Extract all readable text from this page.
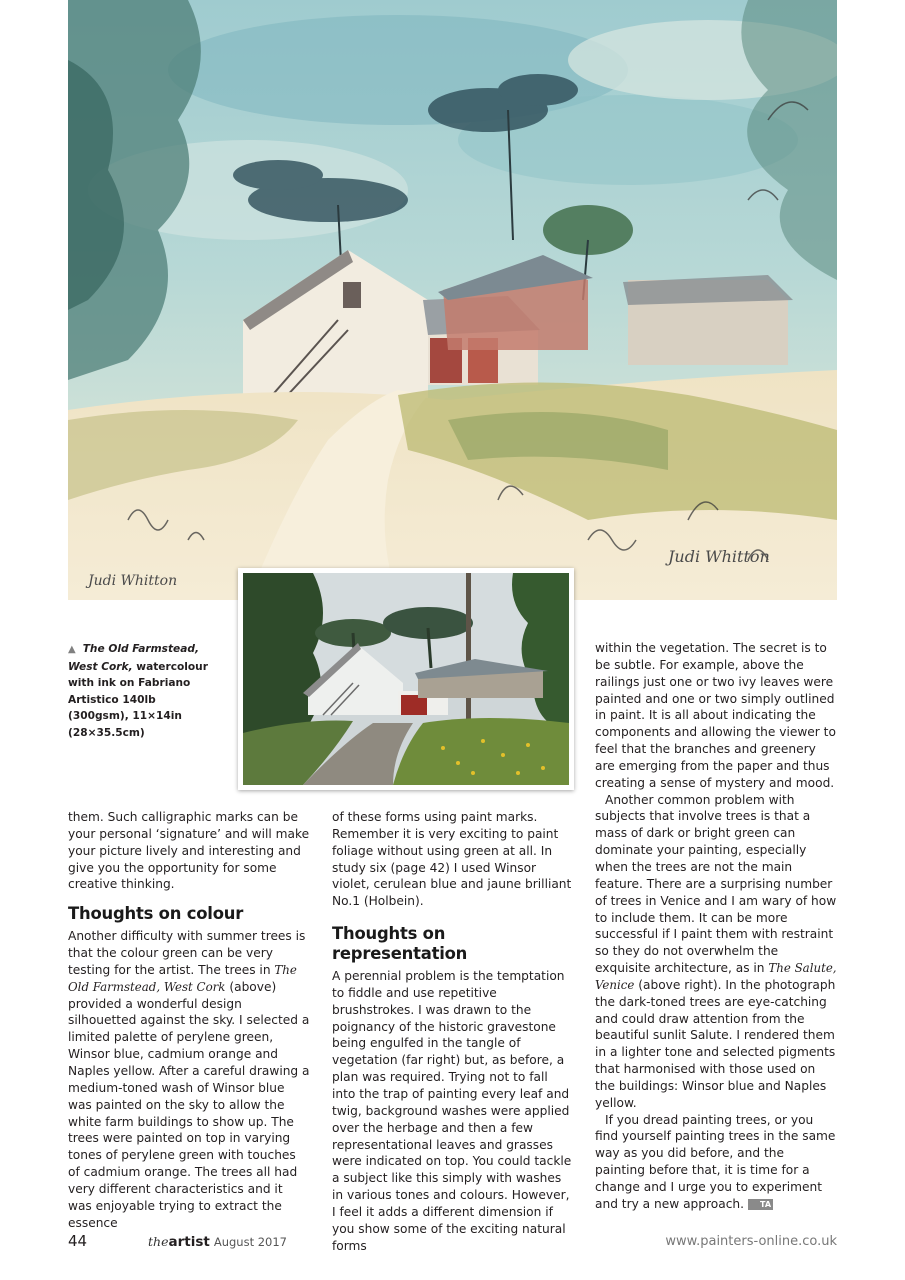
Judi Whitton
Judi Whitton
▲ The Old Farmstead, West Cork, watercolour with ink on Fabriano Artistico 140lb (300gsm), 11×14in (28×35.5cm)

them. Such calligraphic marks can be your personal ‘signature’ and will make your picture lively and interesting and give you the opportunity for some creative thinking.

Thoughts on colour

Another difficulty with summer trees is that the colour green can be very testing for the artist. The trees in The Old Farmstead, West Cork (above) provided a wonderful design silhouetted against the sky. I selected a limited palette of perylene green, Winsor blue, cadmium orange and Naples yellow. After a careful drawing a medium-toned wash of Winsor blue was painted on the sky to allow the white farm buildings to show up. The trees were painted on top in varying tones of perylene green with touches of cadmium orange. The trees all had very different characteristics and it was enjoyable trying to extract the essence

of these forms using paint marks. Remember it is very exciting to paint foliage without using green at all. In study six (page 42) I used Winsor violet, cerulean blue and jaune brilliant No.1 (Holbein).

Thoughts on representation

A perennial problem is the temptation to fiddle and use repetitive brushstrokes. I was drawn to the poignancy of the historic gravestone being engulfed in the tangle of vegetation (far right) but, as before, a plan was required. Trying not to fall into the trap of painting every leaf and twig, background washes were applied over the herbage and then a few representational leaves and grasses were indicated on top. You could tackle a subject like this simply with washes in various tones and colours. However, I feel it adds a different dimension if you show some of the exciting natural forms

within the vegetation. The secret is to be subtle. For example, above the railings just one or two ivy leaves were painted and one or two simply outlined in paint. It is all about indicating the components and allowing the viewer to feel that the branches and greenery are emerging from the paper and thus creating a sense of mystery and mood.

Another common problem with subjects that involve trees is that a mass of dark or bright green can dominate your painting, especially when the trees are not the main feature. There are a surprising number of trees in Venice and I am wary of how to include them. It can be more successful if I paint them with restraint so they do not overwhelm the exquisite architecture, as in The Salute, Venice (above right). In the photograph the dark-toned trees are eye-catching and could draw attention from the beautiful sunlit Salute. I rendered them in a lighter tone and selected pigments that harmonised with those used on the buildings: Winsor blue and Naples yellow.

If you dread painting trees, or you find yourself painting trees in the same way as you did before, and the painting before that, it is time for a change and I urge you to experiment and try a new approach. TA

44	theartist August 2017	www.painters-online.co.uk
